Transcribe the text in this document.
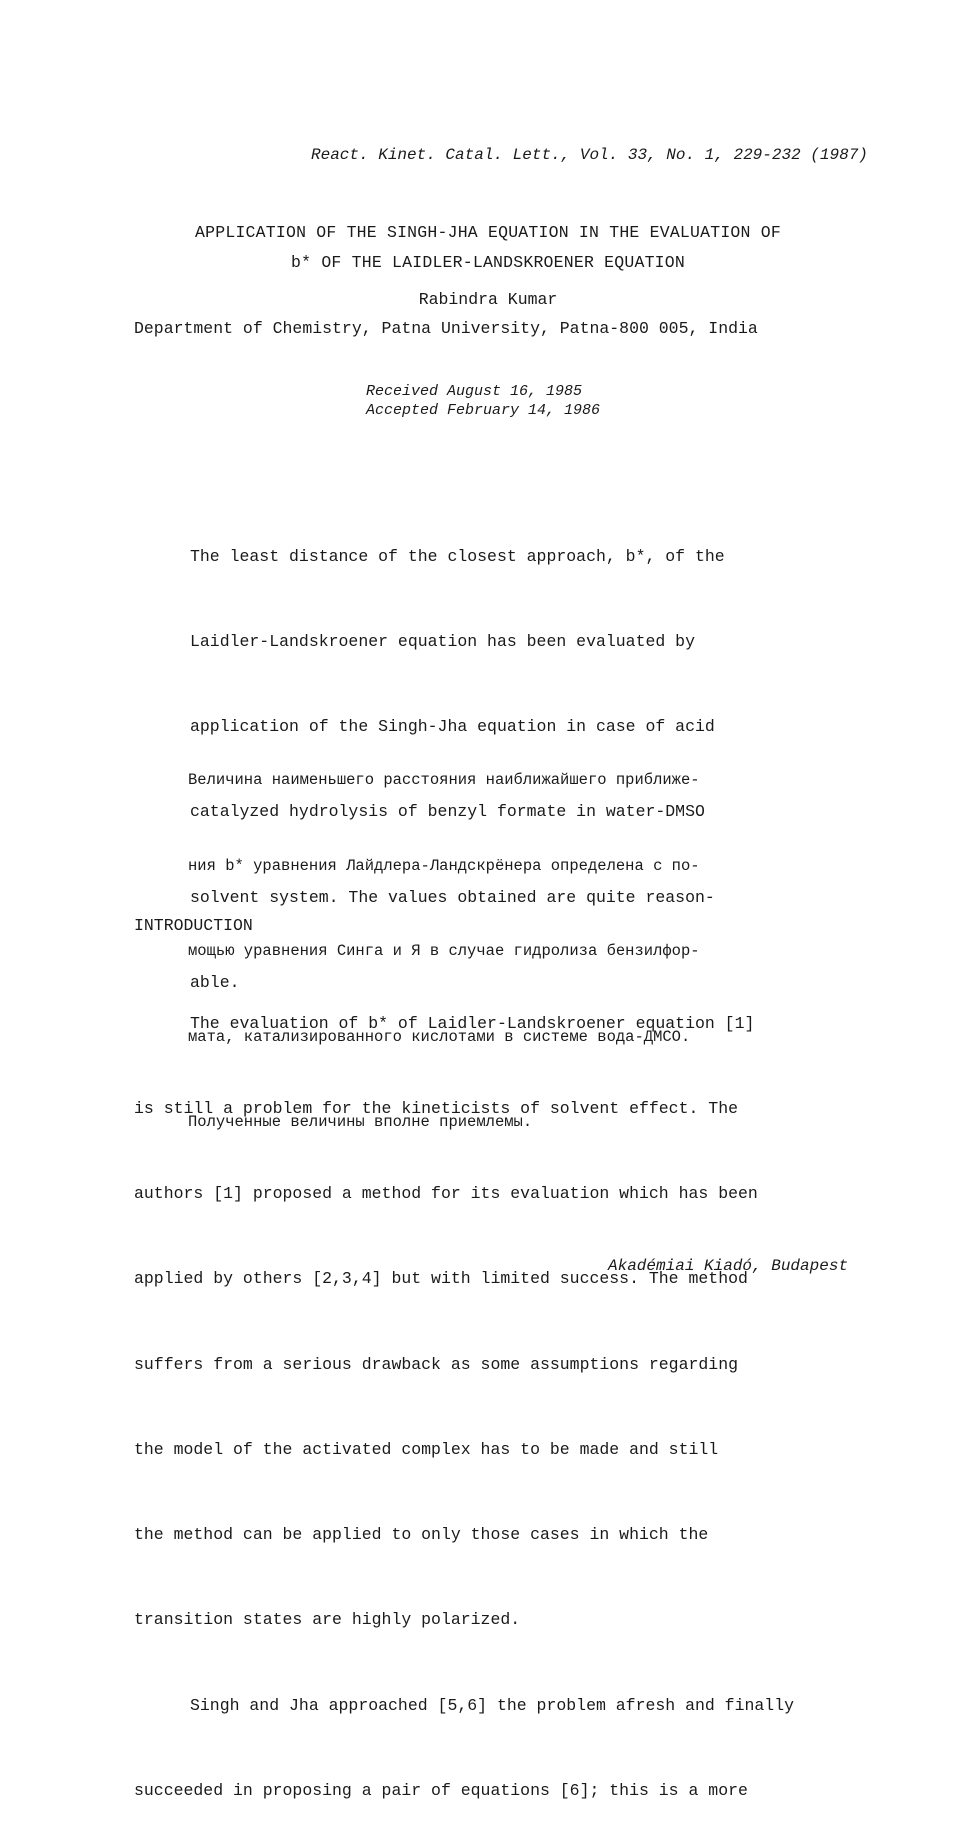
React. Kinet. Catal. Lett., Vol. 33, No. 1, 229-232 (1987)
APPLICATION OF THE SINGH-JHA EQUATION IN THE EVALUATION OF
b* OF THE LAIDLER-LANDSKROENER EQUATION
Rabindra Kumar
Department of Chemistry, Patna University, Patna-800 005, India
Received August 16, 1985
Accepted February 14, 1986

The least distance of the closest approach, b*, of the

Laidler-Landskroener equation has been evaluated by

application of the Singh-Jha equation in case of acid

catalyzed hydrolysis of benzyl formate in water-DMSO

solvent system. The values obtained are quite reason-

able.

Величина наименьшего расстояния наиближайшего приближе-

ния b* уравнения Лайдлера-Ландскрёнера определена с по-

мощью уравнения Синга и Я в случае гидролиза бензилфор-

мата, катализированного кислотами в системе вода-ДМСО.

Полученные величины вполне приемлемы.

INTRODUCTION

The evaluation of b* of Laidler-Landskroener equation [1]

is still a problem for the kineticists of solvent effect. The

authors [1] proposed a method for its evaluation which has been

applied by others [2,3,4] but with limited success. The method

suffers from a serious drawback as some assumptions regarding

the model of the activated complex has to be made and still

the method can be applied to only those cases in which the

transition states are highly polarized.

Singh and Jha approached [5,6] the problem afresh and finally

succeeded in proposing a pair of equations [6]; this is a more

Akadémiai Kiadó, Budapest
